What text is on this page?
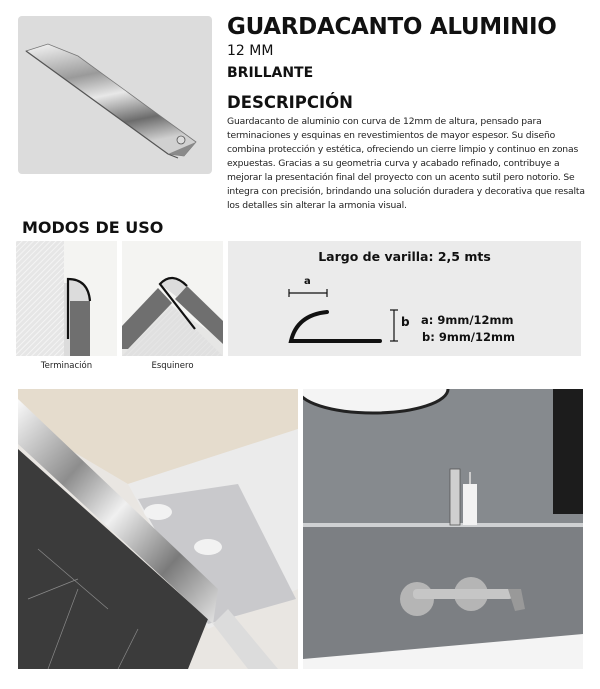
GUARDACANTO ALUMINIO
12 MM
BRILLANTE
DESCRIPCIÓN
Guardacanto de aluminio con curva de 12mm de altura, pensado para terminaciones y esquinas en revestimientos de mayor espesor. Su diseño combina protección y estética, ofreciendo un cierre limpio y continuo en zonas expuestas. Gracias a su geometria curva y acabado refinado, contribuye a mejorar la presentación final del proyecto con un acento sutil pero notorio. Se integra con precisión, brindando una solución duradera y decorativa que resalta los detalles sin alterar la armonia visual.
MODOS DE USO
Terminación	Esquinero
Largo de varilla: 2,5 mts
a
b a: 9mm/12mm
b: 9mm/12mm
